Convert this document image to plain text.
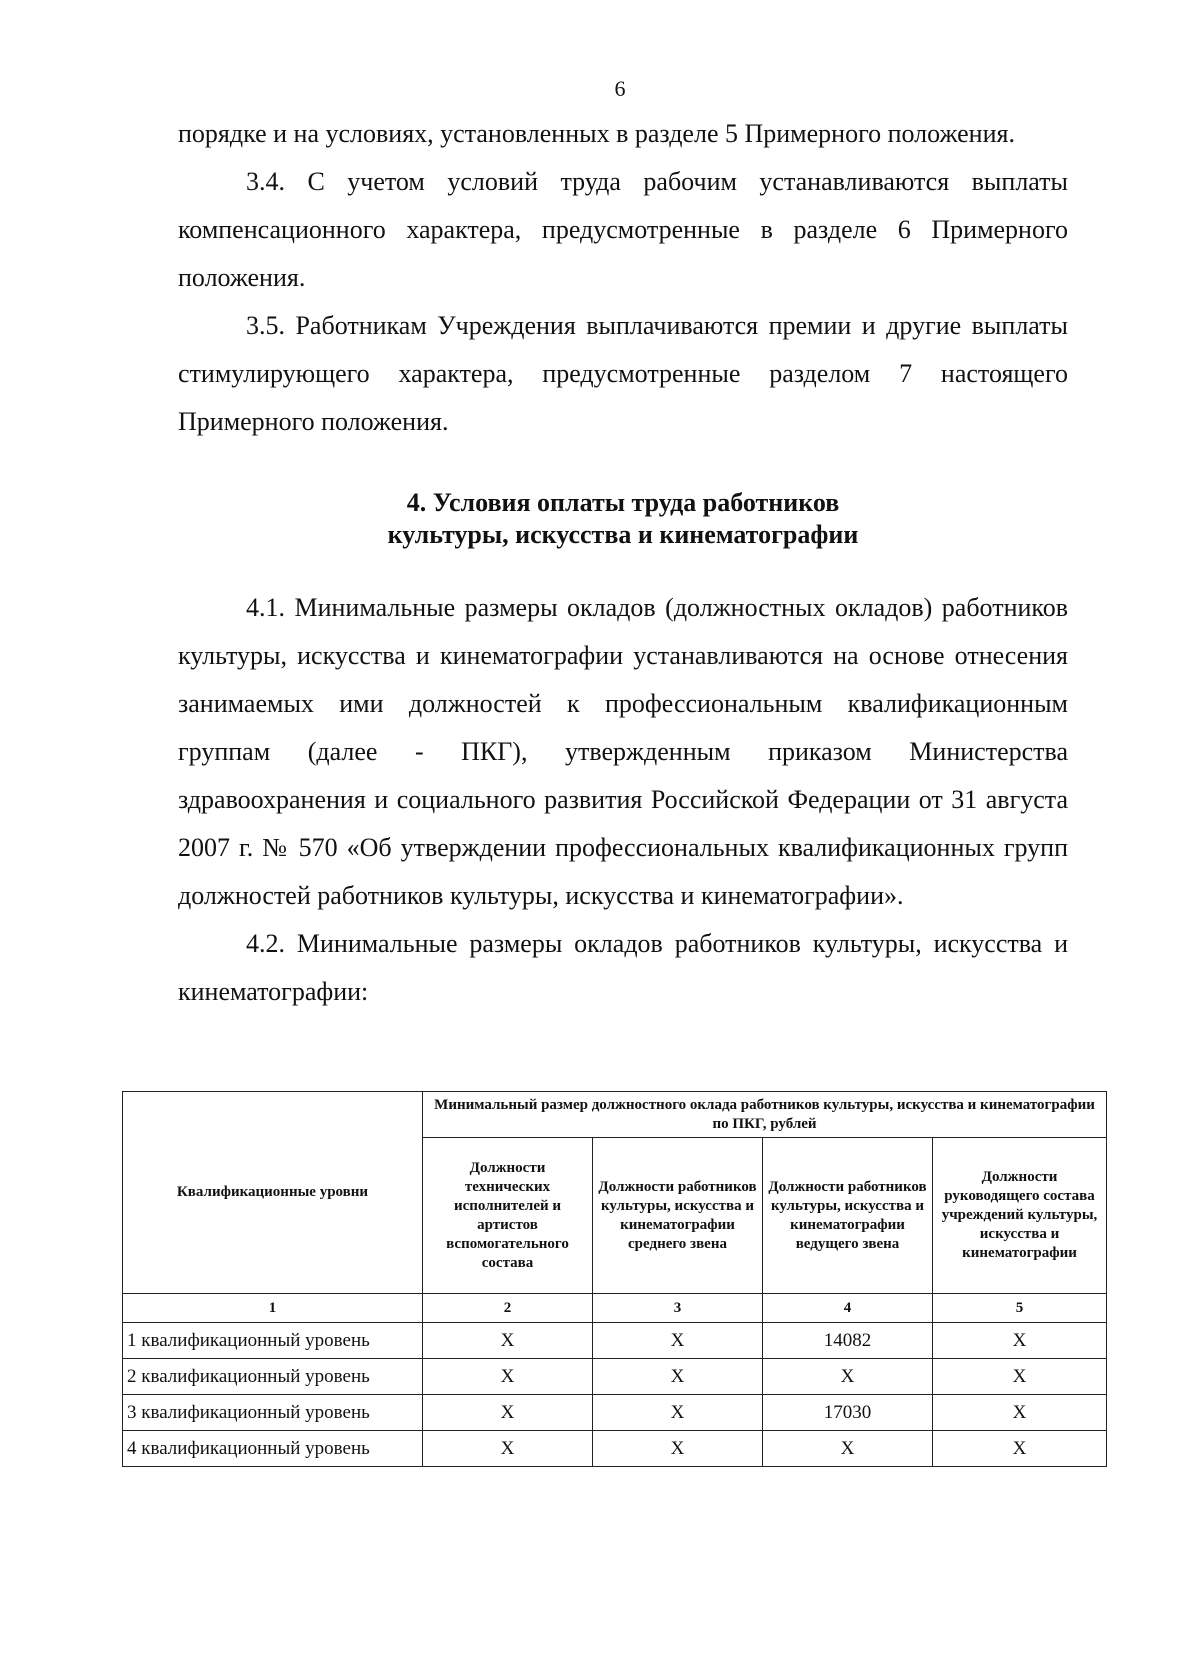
6

порядке и на условиях, установленных в разделе 5 Примерного положения.

3.4. С учетом условий труда рабочим устанавливаются выплаты компенсационного характера, предусмотренные в разделе 6 Примерного положения.

3.5. Работникам Учреждения выплачиваются премии и другие выплаты стимулирующего характера, предусмотренные разделом 7 настоящего Примерного положения.

4. Условия оплаты труда работников
культуры, искусства и кинематографии

4.1. Минимальные размеры окладов (должностных окладов) работников культуры, искусства и кинематографии устанавливаются на основе отнесения занимаемых ими должностей к профессиональным квалификационным группам (далее - ПКГ), утвержденным приказом Министерства здравоохранения и социального развития Российской Федерации от 31 августа 2007 г. № 570 «Об утверждении профессиональных квалификационных групп должностей работников культуры, искусства и кинематографии».

4.2. Минимальные размеры окладов работников культуры, искусства и кинематографии:

Квалификационные уровни	Минимальный размер должностного оклада работников культуры, искусства и кинематографии по ПКГ, рублей			
	Должности технических исполнителей и артистов вспомогательного состава	Должности работников культуры, искусства и кинематографии среднего звена	Должности работников культуры, искусства и кинематографии ведущего звена	Должности руководящего состава учреждений культуры, искусства и кинематографии
1	2	3	4	5
1 квалификационный уровень	Х	Х	14082	Х
2 квалификационный уровень	Х	Х	Х	Х
3 квалификационный уровень	Х	Х	17030	Х
4 квалификационный уровень	Х	Х	Х	Х
